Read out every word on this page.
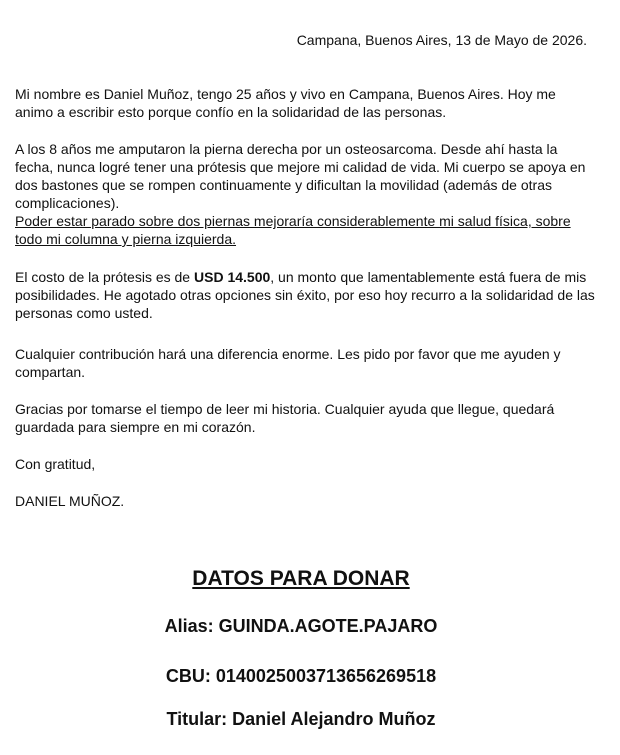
Campana, Buenos Aires, 13 de Mayo de 2026.

Mi nombre es Daniel Muñoz, tengo 25 años y vivo en Campana, Buenos Aires. Hoy me animo a escribir esto porque confío en la solidaridad de las personas.

A los 8 años me amputaron la pierna derecha por un osteosarcoma. Desde ahí hasta la fecha, nunca logré tener una prótesis que mejore mi calidad de vida. Mi cuerpo se apoya en dos bastones que se rompen continuamente y dificultan la movilidad (además de otras complicaciones).

Poder estar parado sobre dos piernas mejoraría considerablemente mi salud física, sobre todo mi columna y pierna izquierda.

El costo de la prótesis es de USD 14.500, un monto que lamentablemente está fuera de mis posibilidades. He agotado otras opciones sin éxito, por eso hoy recurro a la solidaridad de las personas como usted.

Cualquier contribución hará una diferencia enorme. Les pido por favor que me ayuden y compartan.

Gracias por tomarse el tiempo de leer mi historia. Cualquier ayuda que llegue, quedará guardada para siempre en mi corazón.

Con gratitud,
DANIEL MUÑOZ.
DATOS PARA DONAR
Alias: GUINDA.AGOTE.PAJARO
CBU: 0140025003713656269518
Titular: Daniel Alejandro Muñoz
